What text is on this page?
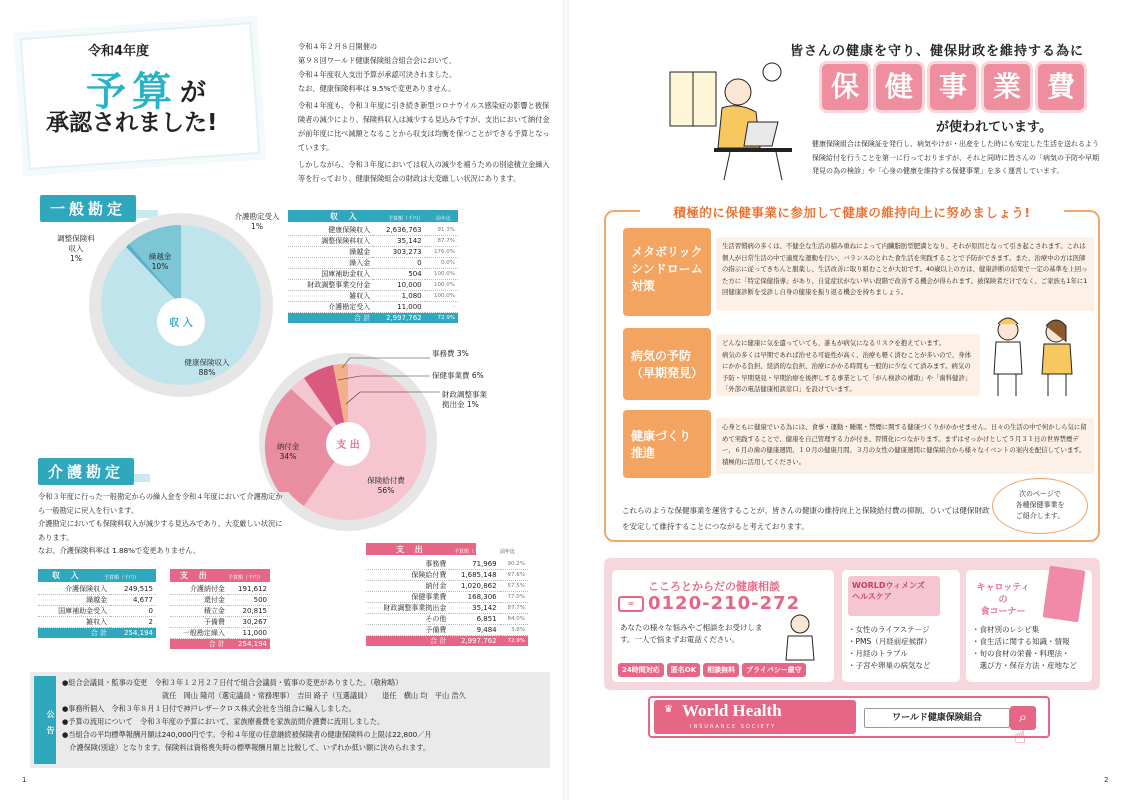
令和4年度
予算 が
承認されました!

令和４年２月８日開催の
第９８回ワールド健康保険組合組合会において、
令和４年度収入支出予算が承認可決されました。
なお、健康保険料率は 9.5%で変更ありません。

令和４年度も、令和３年度に引き続き新型コロナウイルス感染症の影響と被保険者の減少により、保険料収入は減少する見込みですが、支出において納付金が前年度に比べ減額となることから収支は均衡を保つことができる予算となっています。

しかしながら、令和３年度においては収入の減少を補うための別途積立金繰入等を行っており、健康保険組合の財政は大変厳しい状況にあります。

一般勘定
収 入
調整保険料
収入
1%	繰越金
10%
介護勘定受入
1%
健康保険収入
88%
収 入	予算額（千円）	前年比
健康保険収入	2,636,763	91.3%
調整保険料収入	35,142	87.7%
繰越金	303,273	176.0%
繰入金	0	0.0%
国庫補助金収入	504	100.0%
財政調整事業交付金	10,000	100.0%
雑収入	1,080	100.0%
介護勘定受入	11,000	-
合 計	2,997,762	72.9%
支 出
納付金
34%
保険給付費
56%
事務費 3%
保健事業費 6%
財政調整事業
拠出金 1%
介護勘定
令和３年度に行った一般勘定からの繰入金を令和４年度において介護勘定から一般勘定に戻入を行います。
介護勘定においても保険料収入が減少する見込みであり、大変厳しい状況にあります。
なお、介護保険料率は 1.88%で変更ありません。	支 出	予算額（千円） 前年比
事務費	71,969	90.2%
保険給付費	1,685,148	97.6%
納付金	1,020,862	57.5%
保健事業費	168,306	77.0%
財政調整事業拠出金	35,142	87.7%
その他	6,851	84.0%
予備費	9,484	3.8%
合 計	2,997,762	72.9%
収 入	予算額（千円）
介護保険収入	249,515
繰越金	4,677
国庫補助金受入	0
雑収入	2
合 計	254,194
支 出	予算額（千円）
介護納付金	191,612
還付金	500
積立金	20,815
予備費	30,267
一般勘定繰入	11,000
合 計	254,194
公告
●組合会議員・監事の変更　令和３年１２月２７日付で組合会議員・監事の変更がありました。（敬称略）
就任　岡山 隆司（選定議員・常務理事）　吉田 路子（互選議員）　　退任　横山 均　平山 浩久
●事務所個入　令和３年８月１日付で神戸レザークロス株式会社を当組合に編入しました。
●予算の流用について　令和３年度の予算において、家族療養費を家族訪問介護費に流用しました。
●当組合の平均標準報酬月額は240,000円です。令和４年度の任意継続被保険者の健康保険料の上限は22,800／月
　介護保険(別途）となります。保険料は資格喪失時の標準報酬月額と比較して、いずれか低い額に決められます。
1
皆さんの健康を守り、健保財政を維持する為に
保 健 事 業 費
が使われています。
健康保険組合は保険証を発行し、病気やけが・出産をした時にも安定した生活を送れるよう保険給付を行うことを第一に行っておりますが、それと同時に皆さんの「病気の予防や早期発見の為の検診」や「心身の健康を維持する保健事業」を多く運営しています。
積極的に保健事業に参加して健康の維持向上に努めましょう!
メタボリック
シンドローム
対策
生活習慣病の多くは、不健全な生活の積み重ねによって内臓脂肪型肥満となり、それが原因となって引き起こされます。これは個人が日常生活の中で適度な運動を行い、バランスのとれた食生活を実践することで予防ができます。また、治療中の方は医師の指示に従ってきちんと服薬し、生活改善に取り組むことが大切です。40歳以上の方は、健康診断の結果で一定の基準を上回った方に「特定保健指導」があり、自覚症状がない早い段階で改善する機会が得られます。被保険者だけでなく、ご家族も1年に1回健康診断を受診し自身の健康を振り返る機会を持ちましょう。
病気の予防
（早期発見）
どんなに健康に気を遣っていても、誰もが病気になるリスクを抱えています。
病気の多くは早期であれば治せる可能性が高く、治療も軽く済むことが多いので、身体にかかる負担、経済的な負担、治療にかかる時間も一般的に少なくて済みます。病気の予防・早期発見・早期治療を後押しする事業として「がん検診の補助」や「歯科健診」「外部の電話健康相談窓口」を設けています。
健康づくり
推進
心身ともに健康でいる為には、食事・運動・睡眠・禁煙に関する健康づくりがかかせません。日々の生活の中で何かしら気に留めて実践することで、健康を自己管理する力が付き、習慣化につながります。まずはせっかけとして５月３１日の世界禁煙デー、６月の歯の健康週間、１０月の健康月間、３月の女性の健康週間に健保組合から様々なイベントの案内を配信しています。積極的に活用してください。
これらのような保健事業を運営することが、皆さんの健康の維持向上と保険給付費の抑制、ひいては健保財政を安定して維持することにつながると考えております。
次のページで
各種保健事業を
ご紹介します。
こころとからだの健康相談
∞ 0120-210-272
あなたの様々な悩みやご相談をお受けします。一人で悩まずお電話ください。
24時間対応	匿名OK	相談無料	プライバシー厳守
WORLDウィメンズ
ヘルスケア
・女性のライフステージ
・PMS（月経前症候群）
・月経のトラブル
・子宮や卵巣の病気など
キャロッティ
の
食コーナー
・食材別のレシピ集
・食生活に関する知識・情報
・旬の食材の栄養・料理法・
　選び方・保存方法・産地など
♛ World Health
INSURANCE SOCIETY
ワールド健康保険組合	⌕
☝
2
